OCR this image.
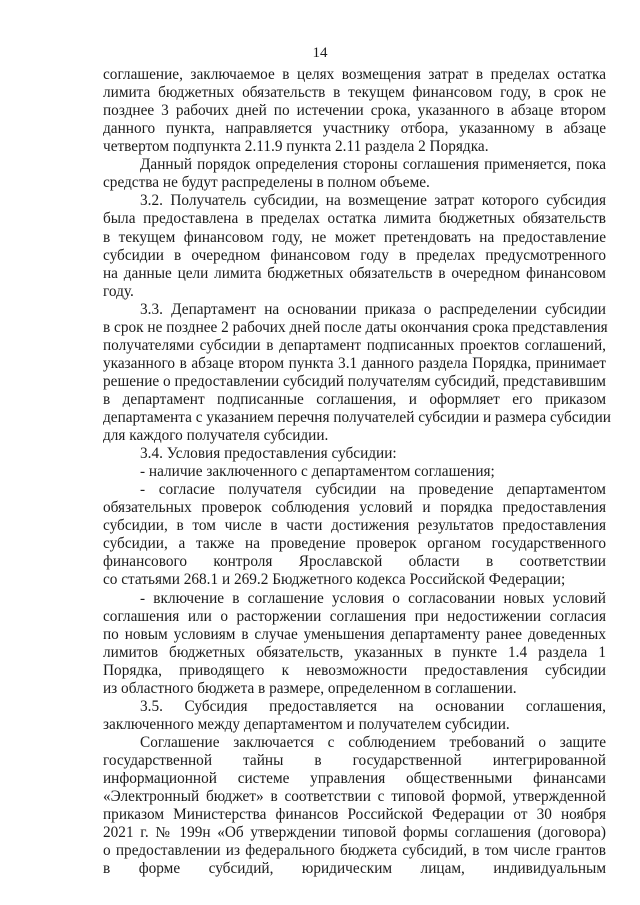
14
соглашение, заключаемое в целях возмещения затрат в пределах остатка
лимита бюджетных обязательств в текущем финансовом году, в срок не
позднее 3 рабочих дней по истечении срока, указанного в абзаце втором
данного пункта, направляется участнику отбора, указанному в абзаце
четвертом подпункта 2.11.9 пункта 2.11 раздела 2 Порядка.
Данный порядок определения стороны соглашения применяется, пока
средства не будут распределены в полном объеме.
3.2. Получатель субсидии, на возмещение затрат которого субсидия
была предоставлена в пределах остатка лимита бюджетных обязательств
в текущем финансовом году, не может претендовать на предоставление
субсидии в очередном финансовом году в пределах предусмотренного
на данные цели лимита бюджетных обязательств в очередном финансовом
году.
3.3. Департамент на основании приказа о распределении субсидии
в срок не позднее 2 рабочих дней после даты окончания срока представления
получателями субсидии в департамент подписанных проектов соглашений,
указанного в абзаце втором пункта 3.1 данного раздела Порядка, принимает
решение о предоставлении субсидий получателям субсидий, представившим
в департамент подписанные соглашения, и оформляет его приказом
департамента с указанием перечня получателей субсидии и размера субсидии
для каждого получателя субсидии.
3.4. Условия предоставления субсидии:
- наличие заключенного с департаментом соглашения;
- согласие получателя субсидии на проведение департаментом
обязательных проверок соблюдения условий и порядка предоставления
субсидии, в том числе в части достижения результатов предоставления
субсидии, а также на проведение проверок органом государственного
финансового контроля Ярославской области в соответствии
со статьями 268.1 и 269.2 Бюджетного кодекса Российской Федерации;
- включение в соглашение условия о согласовании новых условий
соглашения или о расторжении соглашения при недостижении согласия
по новым условиям в случае уменьшения департаменту ранее доведенных
лимитов бюджетных обязательств, указанных в пункте 1.4 раздела 1
Порядка, приводящего к невозможности предоставления субсидии
из областного бюджета в размере, определенном в соглашении.
3.5. Субсидия предоставляется на основании соглашения,
заключенного между департаментом и получателем субсидии.
Соглашение заключается с соблюдением требований о защите
государственной тайны в государственной интегрированной
информационной системе управления общественными финансами
«Электронный бюджет» в соответствии с типовой формой, утвержденной
приказом Министерства финансов Российской Федерации от 30 ноября
2021 г. № 199н «Об утверждении типовой формы соглашения (договора)
о предоставлении из федерального бюджета субсидий, в том числе грантов
в форме субсидий, юридическим лицам, индивидуальным
